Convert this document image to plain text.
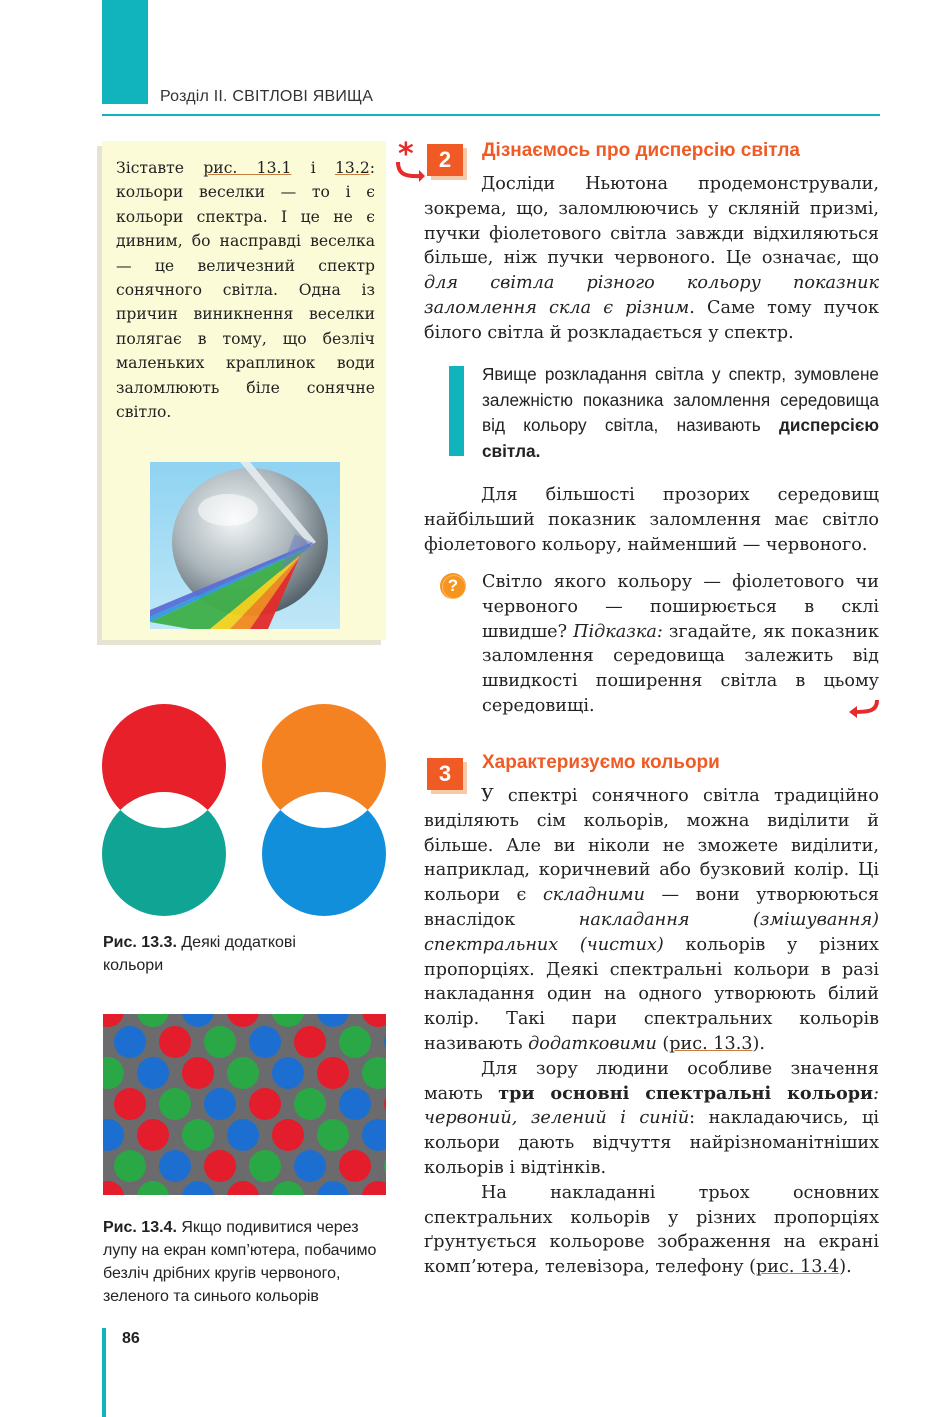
Розділ ІІ. СВІТЛОВІ ЯВИЩА
Зіставте рис. 13.1 і 13.2: кольори веселки — то і є кольори спектра. І це не є дивним, бо насправді веселка — це величезний спектр сонячного світла. Одна із причин виникнення веселки полягає в тому, що безліч маленьких краплинок води заломлюють біле сонячне світло.
Рис. 13.3. Деякі додаткові кольори
Рис. 13.4. Якщо подивитися через лупу на екран комп’ютера, побачимо безліч дрібних кругів червоного, зеленого та синього кольорів
86
*	2	Дізнаємось про дисперсію світла

Досліди Ньютона продемонстрували, зокрема, що, заломлюючись у скляній призмі, пучки фіолетового світла завжди відхиляються більше, ніж пучки червоного. Це означає, що для світла різного кольору показник заломлення скла є різним. Саме тому пучок білого світла й розкладається у спектр.

Явище розкладання світла у спектр, зумовлене залежністю показника заломлення середовища від кольору світла, називають дисперсією світла.

Для більшості прозорих середовищ найбільший показник заломлення має світло фіолетового кольору, найменший — червоного.

?	Світло якого кольору — фіолетового чи червоного — поширюється в склі швидше? Підказка: згадайте, як показник заломлення середовища залежить від швидкості поширення світла в цьому середовищі.

3	Характеризуємо кольори

У спектрі сонячного світла традиційно виділяють сім кольорів, можна виділити й більше. Але ви ніколи не зможете виділити, наприклад, коричневий або бузковий колір. Ці кольори є складними — вони утворюються внаслідок накладання (змішування) спектральних (чистих) кольорів у різних пропорціях. Деякі спектральні кольори в разі накладання один на одного утворюють білий колір. Такі пари спектральних кольорів називають додатковими (рис. 13.3).

Для зору людини особливе значення мають три основні спектральні кольори: червоний, зелений і синій: накладаючись, ці кольори дають відчуття найрізноманітніших кольорів і відтінків.

На накладанні трьох основних спектральних кольорів у різних пропорціях ґрунтується кольорове зображення на екрані комп’ютера, телевізора, телефону (рис. 13.4).
